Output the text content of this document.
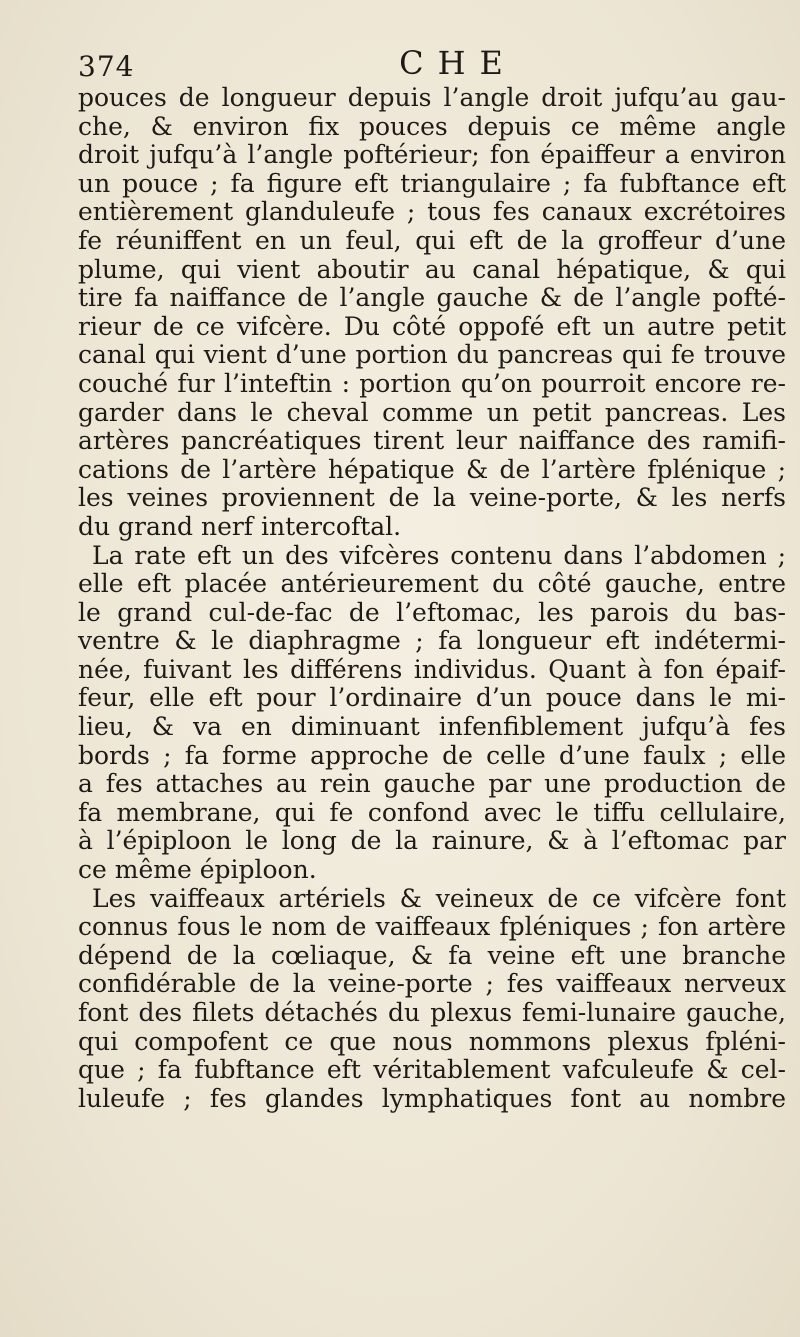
374	CHE
pouces de longueur depuis l’angle droit jufqu’au gau-
che, & environ fix pouces depuis ce même angle
droit jufqu’à l’angle poftérieur; fon épaiffeur a environ
un pouce ; fa figure eft triangulaire ; fa fubftance eft
entièrement glanduleufe ; tous fes canaux excrétoires
fe réuniffent en un feul, qui eft de la groffeur d’une
plume, qui vient aboutir au canal hépatique, & qui
tire fa naiffance de l’angle gauche & de l’angle pofté-
rieur de ce vifcère. Du côté oppofé eft un autre petit
canal qui vient d’une portion du pancreas qui fe trouve
couché fur l’inteftin : portion qu’on pourroit encore re-
garder dans le cheval comme un petit pancreas. Les
artères pancréatiques tirent leur naiffance des ramifi-
cations de l’artère hépatique & de l’artère fplénique ;
les veines proviennent de la veine-porte, & les nerfs
du grand nerf intercoftal.
La rate eft un des vifcères contenu dans l’abdomen ;
elle eft placée antérieurement du côté gauche, entre
le grand cul-de-fac de l’eftomac, les parois du bas-
ventre & le diaphragme ; fa longueur eft indétermi-
née, fuivant les différens individus. Quant à fon épaif-
feur, elle eft pour l’ordinaire d’un pouce dans le mi-
lieu, & va en diminuant infenfiblement jufqu’à fes
bords ; fa forme approche de celle d’une faulx ; elle
a fes attaches au rein gauche par une production de
fa membrane, qui fe confond avec le tiffu cellulaire,
à l’épiploon le long de la rainure, & à l’eftomac par
ce même épiploon.
Les vaiffeaux artériels & veineux de ce vifcère font
connus fous le nom de vaiffeaux fpléniques ; fon artère
dépend de la cœliaque, & fa veine eft une branche
confidérable de la veine-porte ; fes vaiffeaux nerveux
font des filets détachés du plexus femi-lunaire gauche,
qui compofent ce que nous nommons plexus fpléni-
que ; fa fubftance eft véritablement vafculeufe & cel-
luleufe ; fes glandes lymphatiques font au nombre
